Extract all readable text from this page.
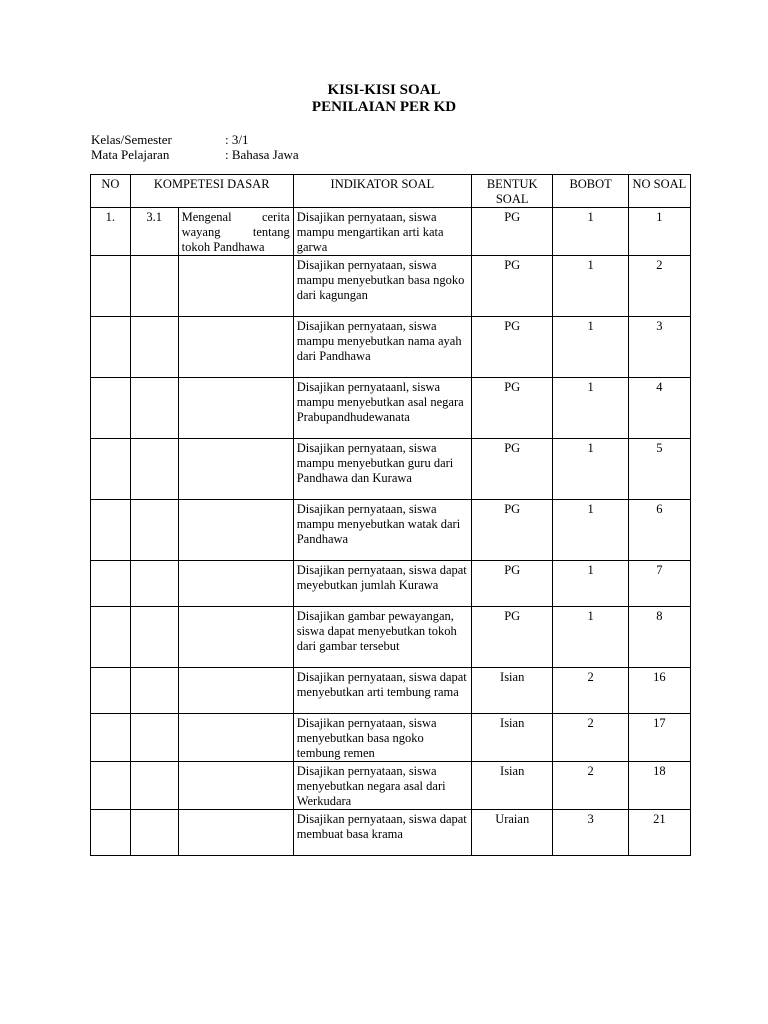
KISI-KISI SOAL
PENILAIAN PER KD
Kelas/Semester	: 3/1
Mata Pelajaran	: Bahasa Jawa
NO	KOMPETESI DASAR		INDIKATOR SOAL	BENTUK SOAL	BOBOT	NO SOAL
1.	3.1	Mengenal cerita wayang tentang tokoh Pandhawa	Disajikan pernyataan, siswa mampu mengartikan arti kata garwa	PG	1	1
			Disajikan pernyataan, siswa mampu menyebutkan basa ngoko dari kagungan	PG	1	2
			Disajikan pernyataan, siswa mampu menyebutkan nama ayah dari Pandhawa	PG	1	3
			Disajikan pernyataanl, siswa mampu menyebutkan asal negara Prabupandhudewanata	PG	1	4
			Disajikan pernyataan, siswa mampu menyebutkan guru dari Pandhawa dan Kurawa	PG	1	5
			Disajikan pernyataan, siswa mampu menyebutkan watak dari Pandhawa	PG	1	6
			Disajikan pernyataan, siswa dapat meyebutkan jumlah Kurawa	PG	1	7
			Disajikan gambar pewayangan, siswa dapat menyebutkan tokoh dari gambar tersebut	PG	1	8
			Disajikan pernyataan, siswa dapat menyebutkan arti tembung rama	Isian	2	16
			Disajikan pernyataan, siswa menyebutkan basa ngoko tembung remen	Isian	2	17
			Disajikan pernyataan, siswa menyebutkan negara asal dari Werkudara	Isian	2	18
			Disajikan pernyataan, siswa dapat membuat basa krama	Uraian	3	21
